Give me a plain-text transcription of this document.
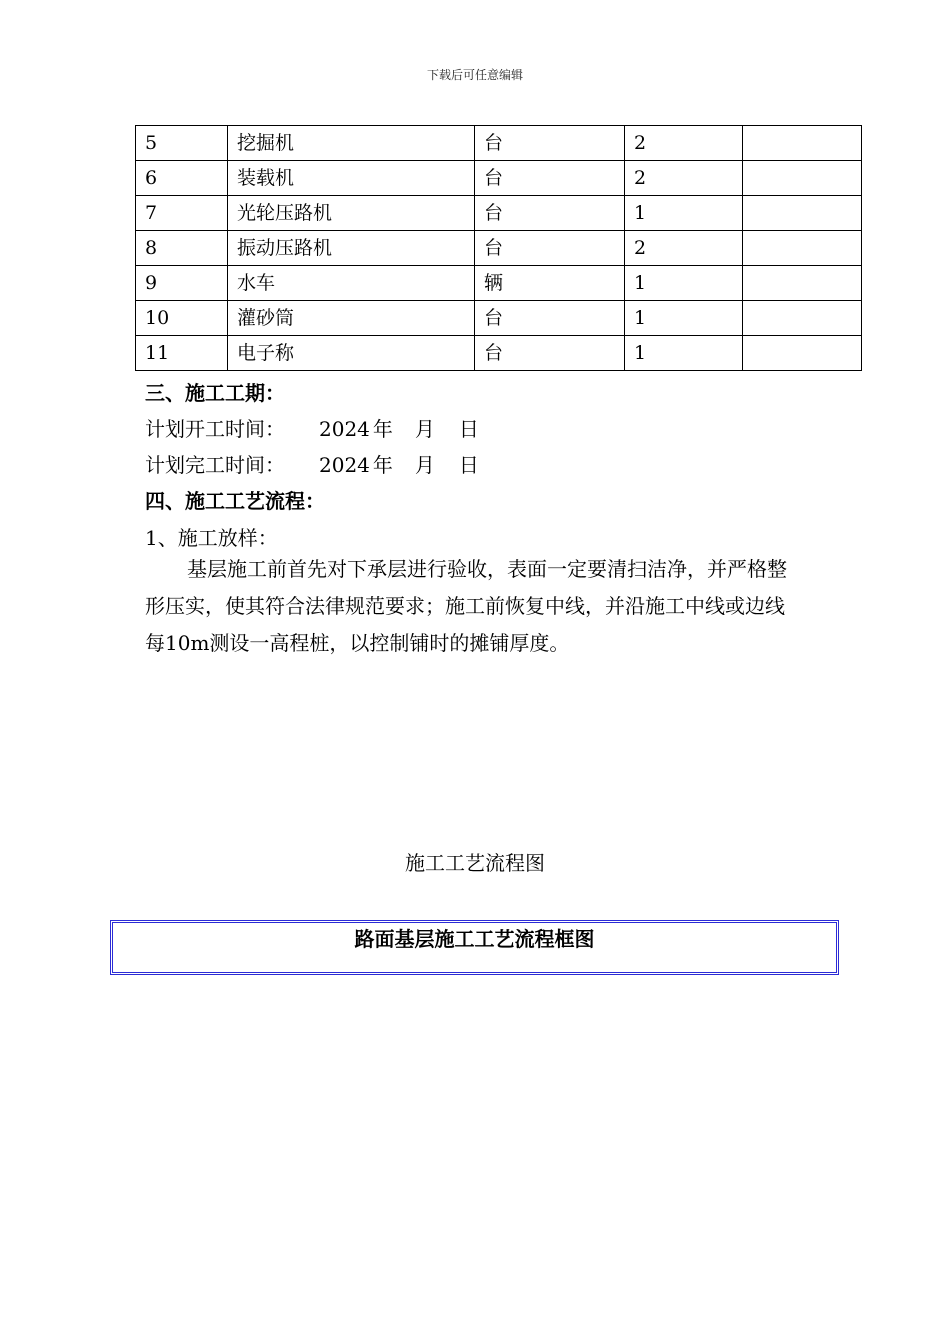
下载后可任意编辑
5	挖掘机	台	2	
6	装载机	台	2	
7	光轮压路机	台	1	
8	振动压路机	台	2	
9	水车	辆	1	
10	灌砂筒	台	1	
11	电子称	台	1	
三、施工工期：
计划开工时间： 2024 年 月 日
计划完工时间： 2024 年 月 日
四、施工工艺流程：
1、施工放样：
基层施工前首先对下承层进行验收，表面一定要清扫洁净，并严格整形压实，使其符合法律规范要求；施工前恢复中线，并沿施工中线或边线每10m测设一高程桩，以控制铺时的摊铺厚度。
施工工艺流程图
路面基层施工工艺流程框图
